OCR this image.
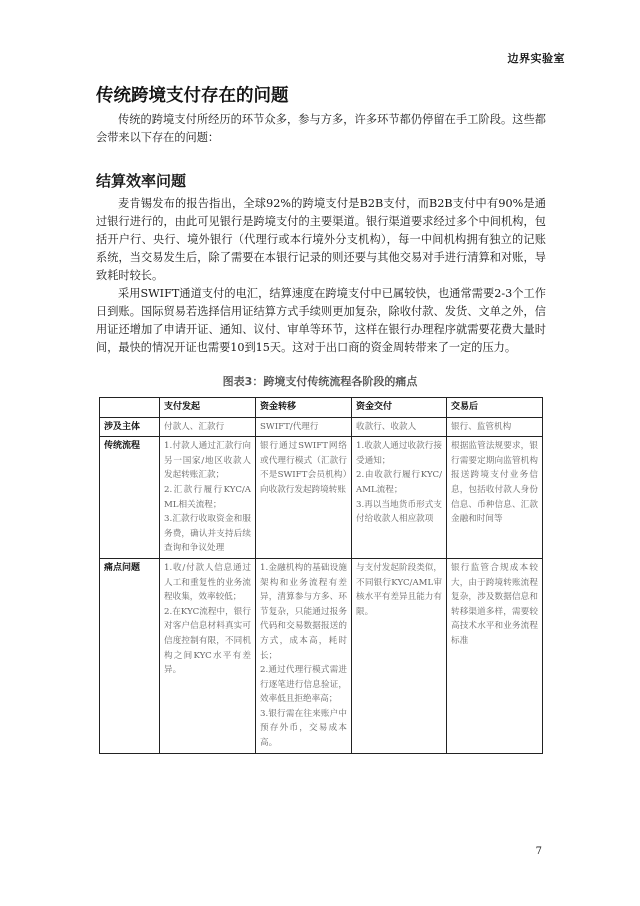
边界实验室
传统跨境支付存在的问题

传统的跨境支付所经历的环节众多，参与方多，许多环节都仍停留在手工阶段。这些都会带来以下存在的问题：

结算效率问题

麦肯锡发布的报告指出，全球92%的跨境支付是B2B支付，而B2B支付中有90%是通过银行进行的，由此可见银行是跨境支付的主要渠道。银行渠道要求经过多个中间机构，包括开户行、央行、境外银行（代理行或本行境外分支机构），每一中间机构拥有独立的记账系统，当交易发生后，除了需要在本银行记录的则还要与其他交易对手进行清算和对账，导致耗时较长。

采用SWIFT通道支付的电汇，结算速度在跨境支付中已属较快，也通常需要2-3个工作日到账。国际贸易若选择信用证结算方式手续则更加复杂，除收付款、发货、文单之外，信用证还增加了申请开证、通知、议付、审单等环节，这样在银行办理程序就需要花费大量时间，最快的情况开证也需要10到15天。这对于出口商的资金周转带来了一定的压力。

图表3：跨境支付传统流程各阶段的痛点

	支付发起	资金转移	资金交付	交易后
涉及主体	付款人、汇款行	SWIFT/代理行	收款行、收款人	银行、监管机构

传统流程	1.付款人通过汇款行向另一国家/地区收款人发起转账汇款；
2.汇款行履行KYC/AML相关流程；
3.汇款行收取资金和服务费，确认并支持后续查询和争议处理	银行通过SWIFT网络或代理行模式（汇款行不是SWIFT会员机构）向收款行发起跨境转账	1.收款人通过收款行接受通知；
2.由收款行履行KYC/AML流程；
3.再以当地货币形式支付给收款人相应款项	根据监管法规要求，银行需要定期向监管机构报送跨境支付业务信息，包括收付款人身份信息、币种信息、汇款金融和时间等

痛点问题	1.收/付款人信息通过人工和重复性的业务流程收集，效率较低；
2.在KYC流程中，银行对客户信息材料真实可信度控制有限，不同机构之间KYC水平有差异。	1.金融机构的基础设施架构和业务流程有差异，清算参与方多、环节复杂，只能通过报务代码和交易数据报送的方式，成本高，耗时长；
2.通过代理行模式需进行逐笔进行信息验证，效率低且拒绝率高；
3.银行需在往来账户中预存外币，交易成本高。	与支付发起阶段类似，不同银行KYC/AML审核水平有差异且能力有限。	银行监管合规成本较大，由于跨境转账流程复杂，涉及数据信息和转移渠道多样，需要较高技术水平和业务流程标准
7
